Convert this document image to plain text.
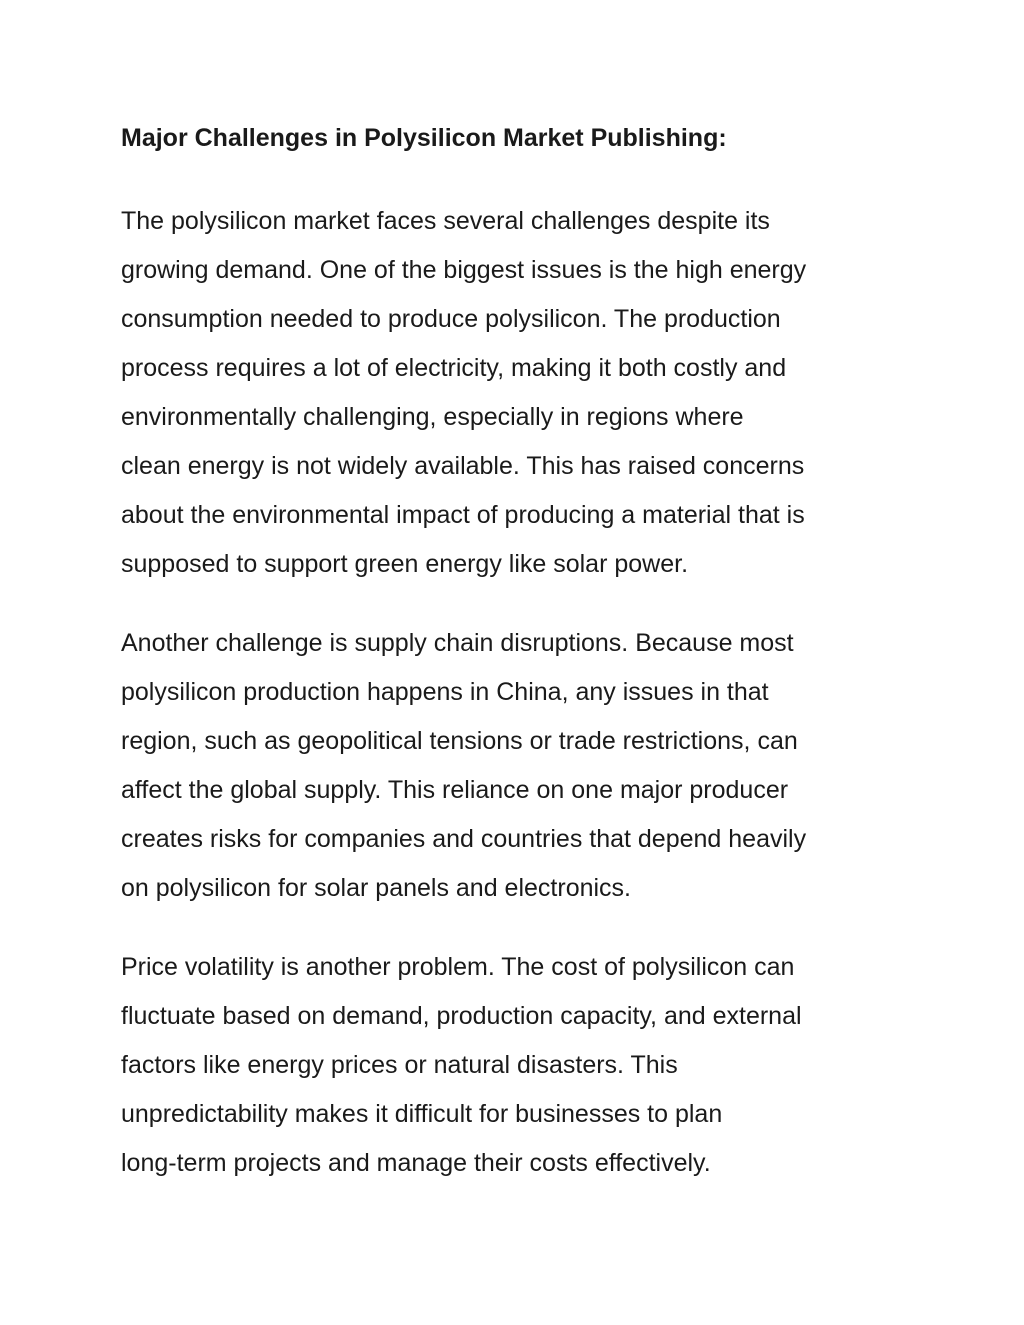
Major Challenges in Polysilicon Market Publishing:
The polysilicon market faces several challenges despite its
growing demand. One of the biggest issues is the high energy
consumption needed to produce polysilicon. The production
process requires a lot of electricity, making it both costly and
environmentally challenging, especially in regions where
clean energy is not widely available. This has raised concerns
about the environmental impact of producing a material that is
supposed to support green energy like solar power.
Another challenge is supply chain disruptions. Because most
polysilicon production happens in China, any issues in that
region, such as geopolitical tensions or trade restrictions, can
affect the global supply. This reliance on one major producer
creates risks for companies and countries that depend heavily
on polysilicon for solar panels and electronics.
Price volatility is another problem. The cost of polysilicon can
fluctuate based on demand, production capacity, and external
factors like energy prices or natural disasters. This
unpredictability makes it difficult for businesses to plan
long-term projects and manage their costs effectively.
